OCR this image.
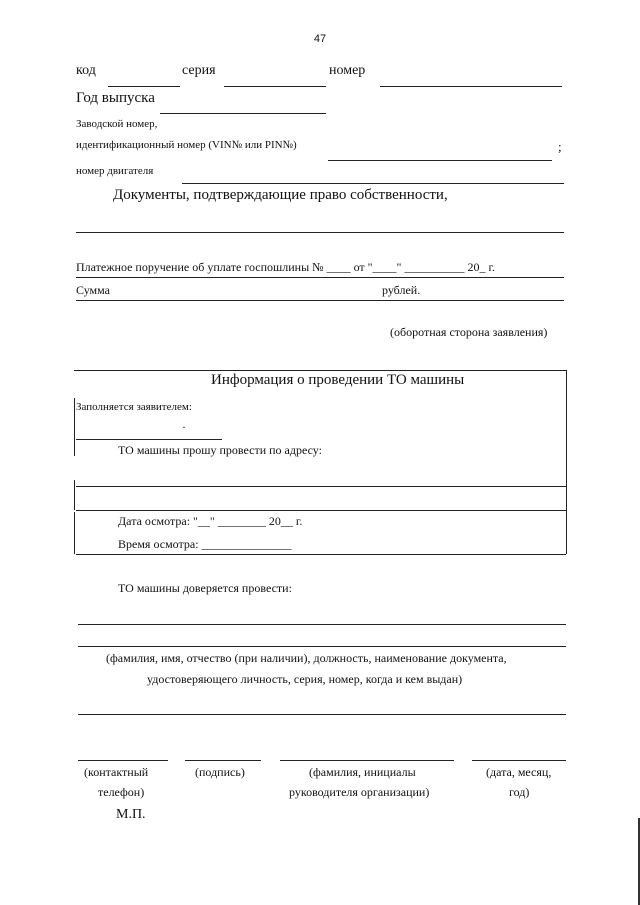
47
код	серия	номер
Год выпуска
Заводской номер,
идентификационный номер (VIN№ или PIN№)	;
номер двигателя
Документы, подтверждающие право собственности,
Платежное поручение об уплате госпошлины № ____ от "____" __________ 20_ г.
Сумма	рублей.
(оборотная сторона заявления)
Информация о проведении ТО машины
Заполняется заявителем:
·
ТО машины прошу провести по адресу:
Дата осмотра: "__" ________ 20__ г.
Время осмотра: _______________
ТО машины доверяется провести:
(фамилия, имя, отчество (при наличии), должность, наименование документа,
удостоверяющего личность, серия, номер, когда и кем выдан)
(контактный
телефон)
(подпись)	(фамилия, инициалы
руководителя организации)
(дата, месяц,
год)
М.П.
